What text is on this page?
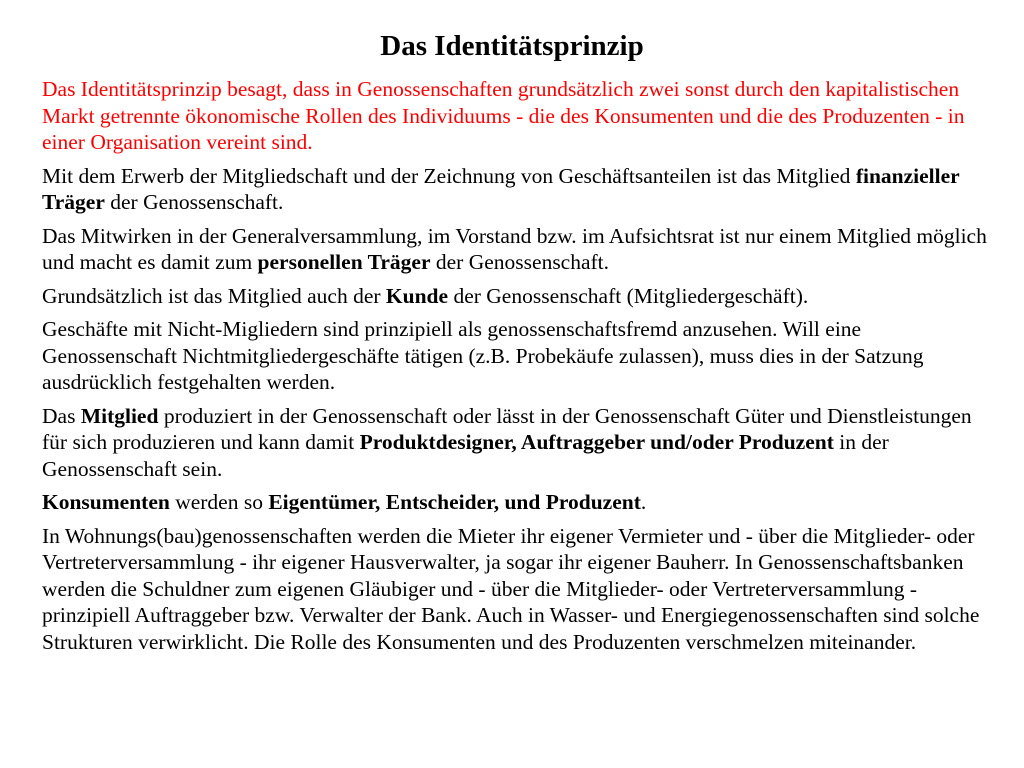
Das Identitätsprinzip

Das Identitätsprinzip besagt, dass in Genossenschaften grundsätzlich zwei sonst durch den kapitalistischen Markt getrennte ökonomische Rollen des Individuums - die des Konsumenten und die des Produzenten - in einer Organisation vereint sind.

Mit dem Erwerb der Mitgliedschaft und der Zeichnung von Geschäftsanteilen ist das Mitglied finanzieller Träger der Genossenschaft.

Das Mitwirken in der Generalversammlung, im Vorstand bzw. im Aufsichtsrat ist nur einem Mitglied möglich und macht es damit zum personellen Träger der Genossenschaft.

Grundsätzlich ist das Mitglied auch der Kunde der Genossenschaft (Mitgliedergeschäft).

Geschäfte mit Nicht-Migliedern sind prinzipiell als genossenschaftsfremd anzusehen. Will eine Genossenschaft Nichtmitgliedergeschäfte tätigen (z.B. Probekäufe zulassen), muss dies in der Satzung ausdrücklich festgehalten werden.

Das Mitglied produziert in der Genossenschaft oder lässt in der Genossenschaft Güter und Dienstleistungen für sich produzieren und kann damit Produktdesigner, Auftraggeber und/oder Produzent in der Genossenschaft sein.

Konsumenten werden so Eigentümer, Entscheider, und Produzent.

In Wohnungs(bau)genossenschaften werden die Mieter ihr eigener Vermieter und - über die Mitglieder- oder Vertreterversammlung - ihr eigener Hausverwalter, ja sogar ihr eigener Bauherr. In Genossenschaftsbanken werden die Schuldner zum eigenen Gläubiger und - über die Mitglieder- oder Vertreterversammlung - prinzipiell Auftraggeber bzw. Verwalter der Bank. Auch in Wasser- und Energiegenossenschaften sind solche Strukturen verwirklicht. Die Rolle des Konsumenten und des Produzenten verschmelzen miteinander.
